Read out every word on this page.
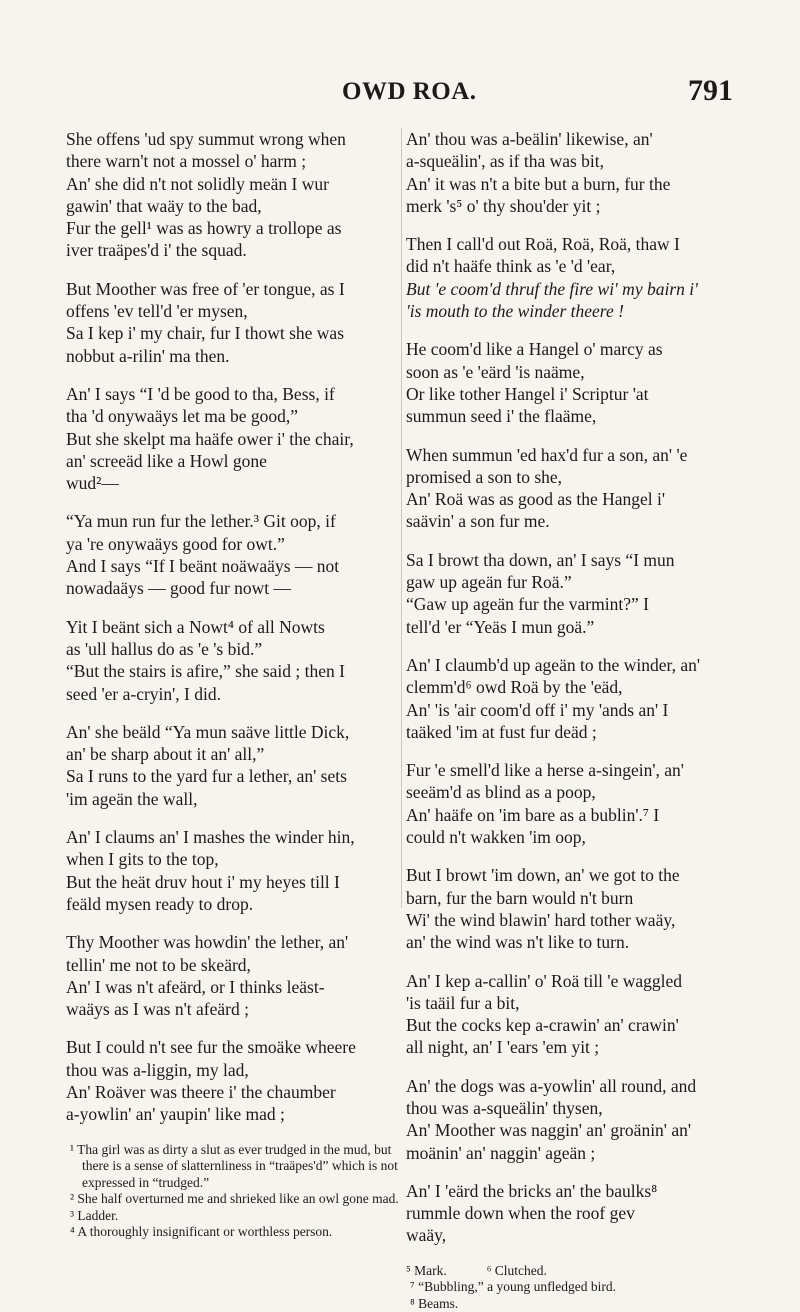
OWD ROA.	791
She offens 'ud spy summut wrong when
there warn't not a mossel o' harm ;
An' she did n't not solidly meän I wur
gawin' that waäy to the bad,
Fur the gell¹ was as howry a trollope as
iver traäpes'd i' the squad.
But Moother was free of 'er tongue, as I
offens 'ev tell'd 'er mysen,
Sa I kep i' my chair, fur I thowt she was
nobbut a-rilin' ma then.
An' I says “I 'd be good to tha, Bess, if
tha 'd onywaäys let ma be good,”
But she skelpt ma haäfe ower i' the chair,
an' screeäd like a Howl gone
wud²—
“Ya mun run fur the lether.³ Git oop, if
ya 're onywaäys good for owt.”
And I says “If I beänt noäwaäys — not
nowadaäys — good fur nowt —
Yit I beänt sich a Nowt⁴ of all Nowts
as 'ull hallus do as 'e 's bid.”
“But the stairs is afire,” she said ; then I
seed 'er a-cryin', I did.
An' she beäld “Ya mun saäve little Dick,
an' be sharp about it an' all,”
Sa I runs to the yard fur a lether, an' sets
'im ageän the wall,
An' I claums an' I mashes the winder hin,
when I gits to the top,
But the heät druv hout i' my heyes till I
feäld mysen ready to drop.
Thy Moother was howdin' the lether, an'
tellin' me not to be skeärd,
An' I was n't afeärd, or I thinks leäst-
waäys as I was n't afeärd ;
But I could n't see fur the smoäke wheere
thou was a-liggin, my lad,
An' Roäver was theere i' the chaumber
a-yowlin' an' yaupin' like mad ;
¹ Tha girl was as dirty a slut as ever trudged in the mud, but there is a sense of slatternliness in “traäpes'd” which is not expressed in “trudged.”
² She half overturned me and shrieked like an owl gone mad.
³ Ladder.
⁴ A thoroughly insignificant or worthless person.
An' thou was a-beälin' likewise, an'
a-squeälin', as if tha was bit,
An' it was n't a bite but a burn, fur the
merk 's⁵ o' thy shou'der yit ;
Then I call'd out Roä, Roä, Roä, thaw I
did n't haäfe think as 'e 'd 'ear,
But 'e coom'd thruf the fire wi' my bairn i'
'is mouth to the winder theere !
He coom'd like a Hangel o' marcy as
soon as 'e 'eärd 'is naäme,
Or like tother Hangel i' Scriptur 'at
summun seed i' the flaäme,
When summun 'ed hax'd fur a son, an' 'e
promised a son to she,
An' Roä was as good as the Hangel i'
saävin' a son fur me.
Sa I browt tha down, an' I says “I mun
gaw up ageän fur Roä.”
“Gaw up ageän fur the varmint?” I
tell'd 'er “Yeäs I mun goä.”
An' I claumb'd up ageän to the winder, an'
clemm'd⁶ owd Roä by the 'eäd,
An' 'is 'air coom'd off i' my 'ands an' I
taäked 'im at fust fur deäd ;
Fur 'e smell'd like a herse a-singein', an'
seeäm'd as blind as a poop,
An' haäfe on 'im bare as a bublin'.⁷ I
could n't wakken 'im oop,
But I browt 'im down, an' we got to the
barn, fur the barn would n't burn
Wi' the wind blawin' hard tother waäy,
an' the wind was n't like to turn.
An' I kep a-callin' o' Roä till 'e waggled
'is taäil fur a bit,
But the cocks kep a-crawin' an' crawin'
all night, an' I 'ears 'em yit ;
An' the dogs was a-yowlin' all round, and
thou was a-squeälin' thysen,
An' Moother was naggin' an' groänin' an'
moänin' an' naggin' ageän ;
An' I 'eärd the bricks an' the baulks⁸
rummle down when the roof gev
waäy,
⁵ Mark.	⁶ Clutched.
⁷ “Bubbling,” a young unfledged bird.
⁸ Beams.
